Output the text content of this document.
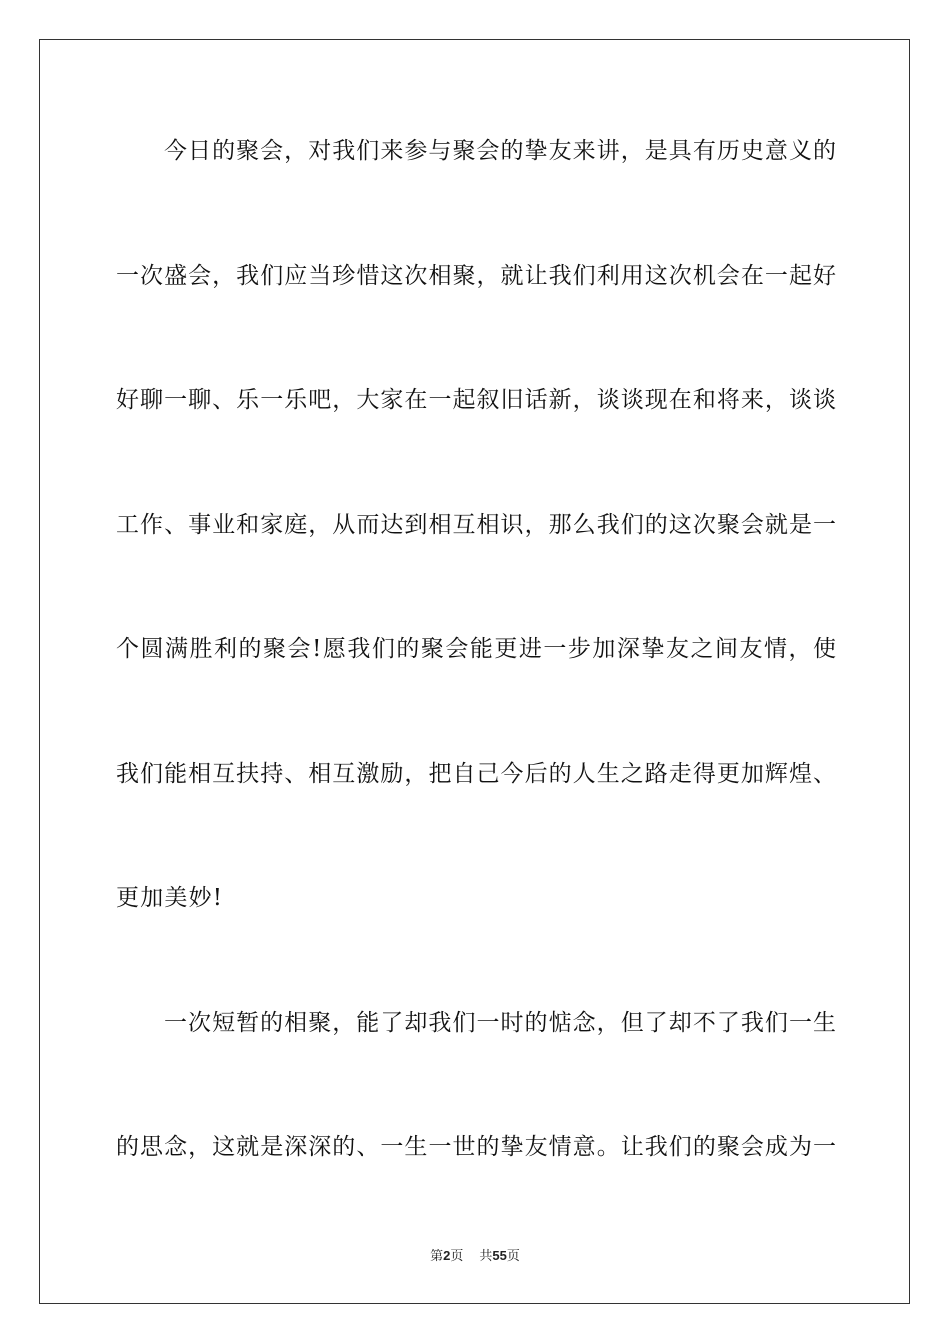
今日的聚会，对我们来参与聚会的挚友来讲，是具有历史意义的
一次盛会，我们应当珍惜这次相聚，就让我们利用这次机会在一起好
好聊一聊、乐一乐吧，大家在一起叙旧话新，谈谈现在和将来，谈谈
工作、事业和家庭，从而达到相互相识，那么我们的这次聚会就是一
个圆满胜利的聚会!愿我们的聚会能更进一步加深挚友之间友情，使
我们能相互扶持、相互激励，把自己今后的人生之路走得更加辉煌、
更加美妙!
一次短暂的相聚，能了却我们一时的惦念，但了却不了我们一生
的思念，这就是深深的、一生一世的挚友情意。让我们的聚会成为一
第2页 共55页
